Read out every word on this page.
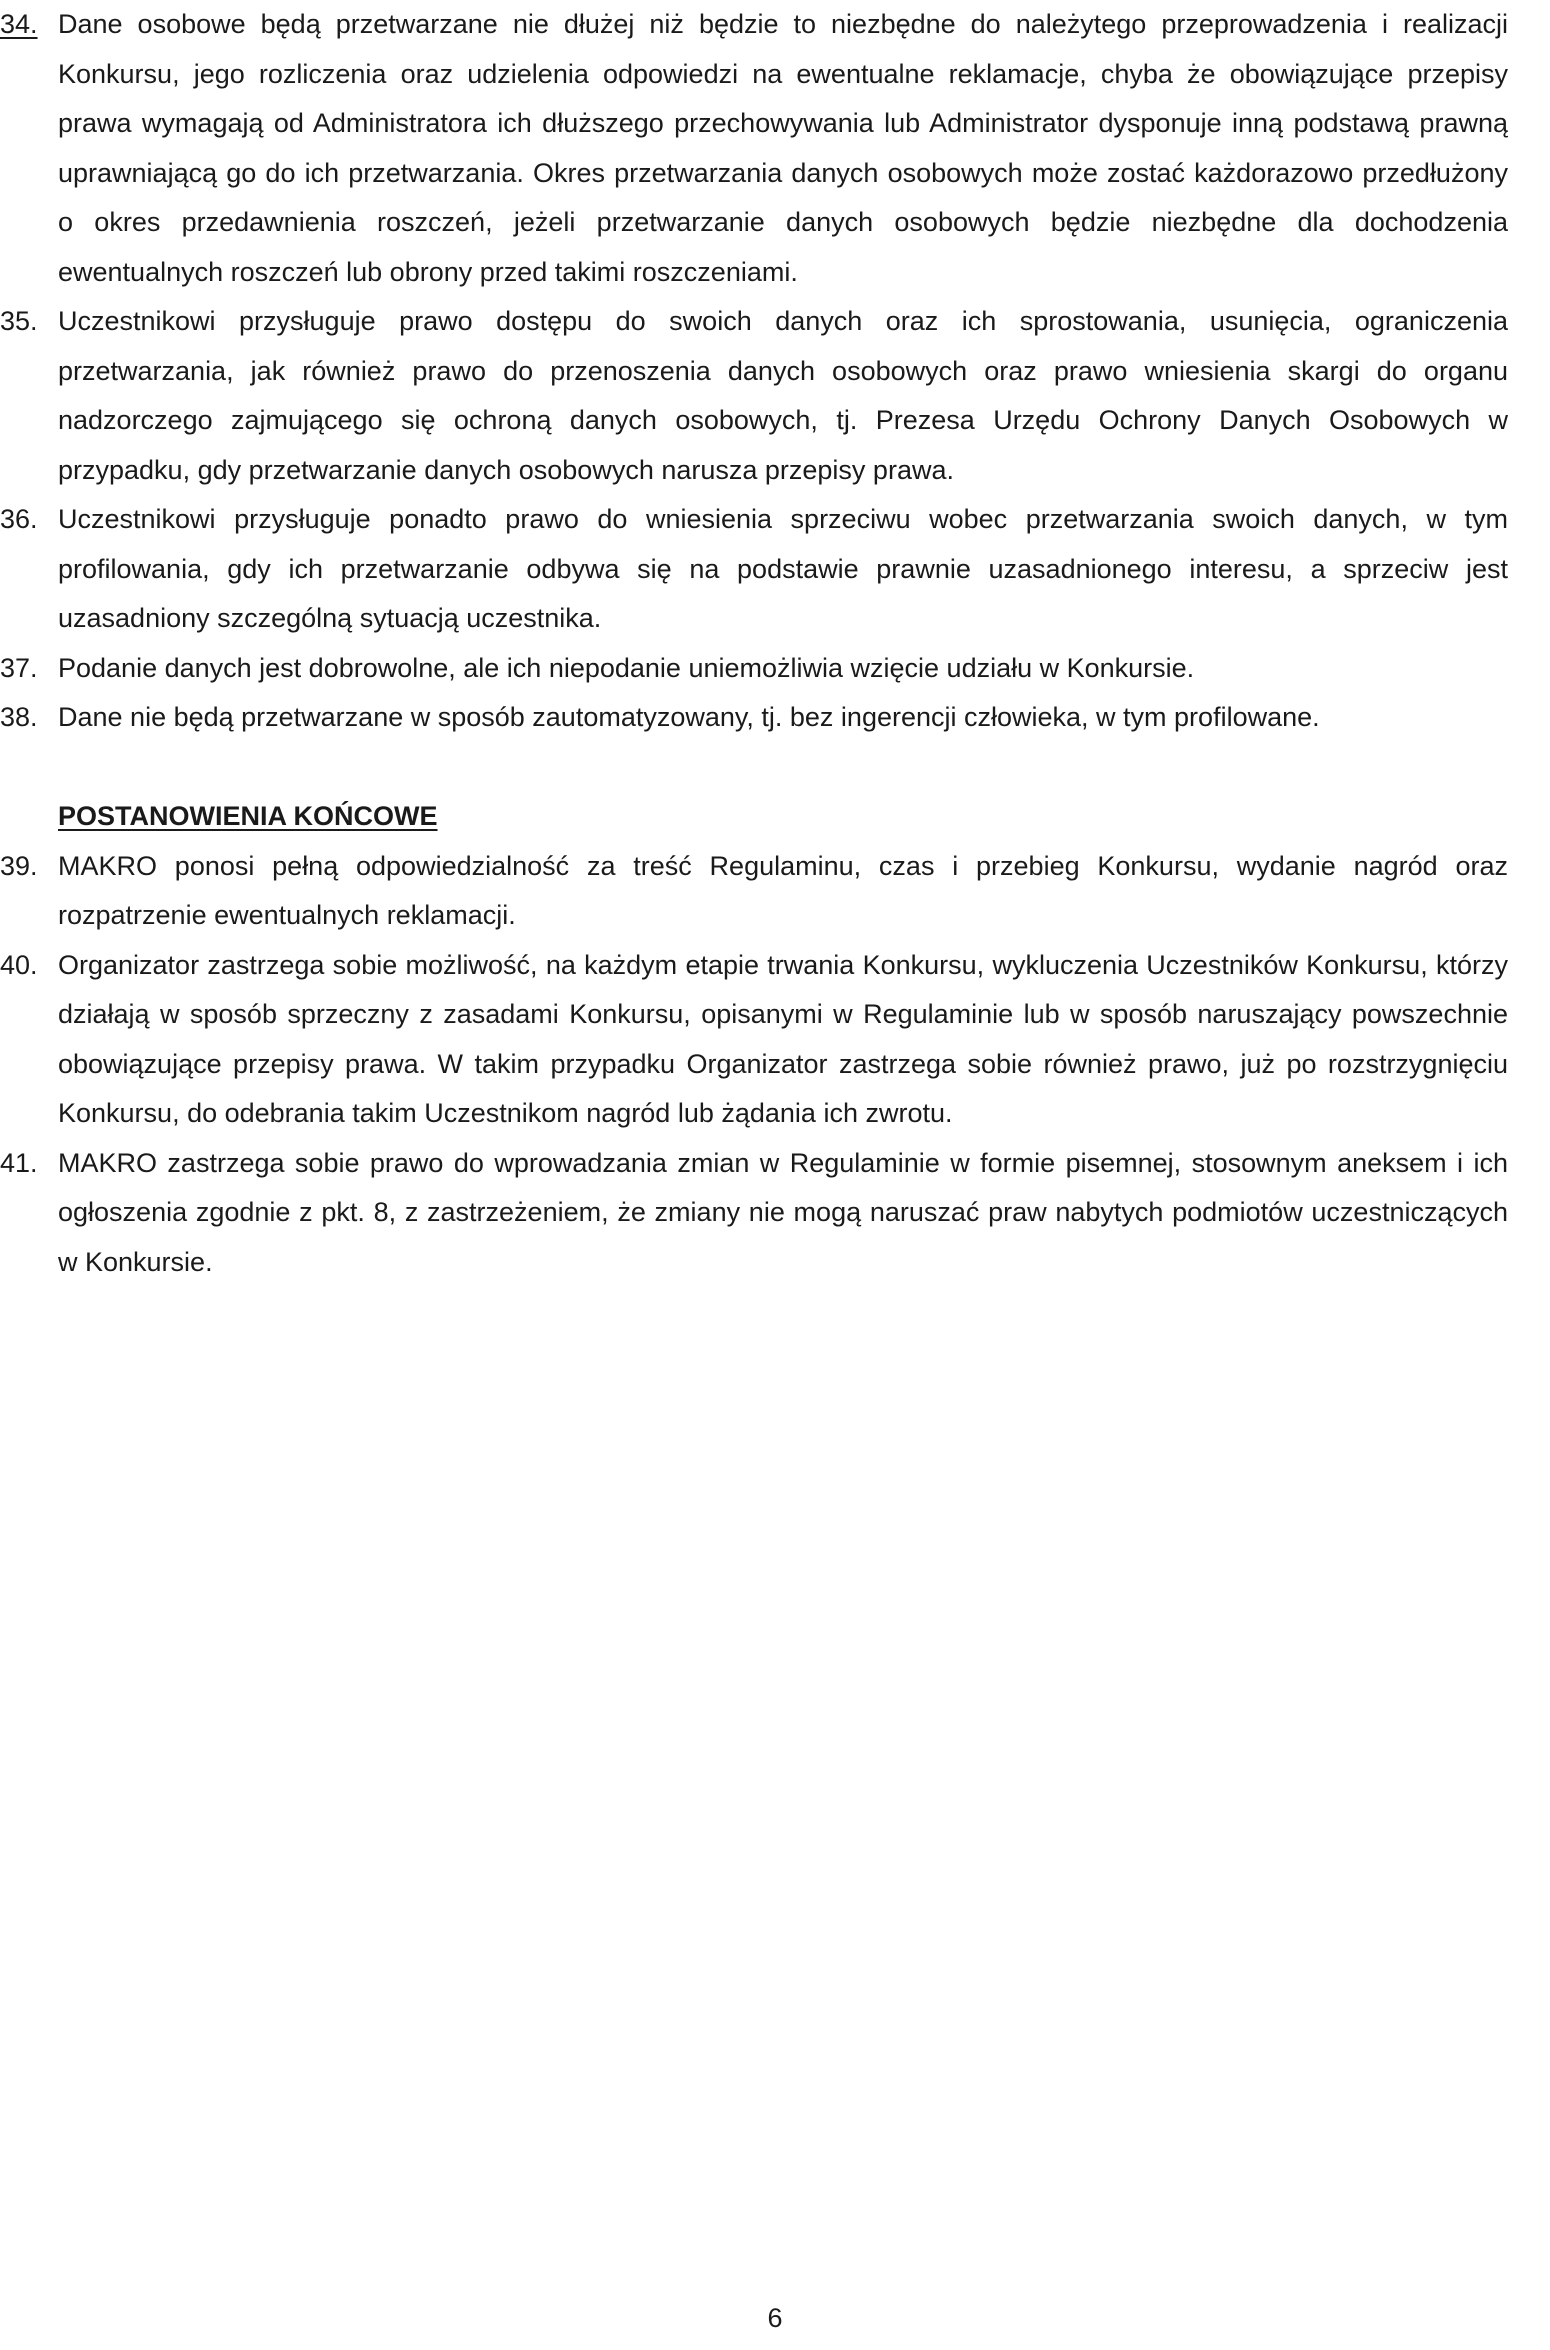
34. Dane osobowe będą przetwarzane nie dłużej niż będzie to niezbędne do należytego przeprowadzenia i realizacji Konkursu, jego rozliczenia oraz udzielenia odpowiedzi na ewentualne reklamacje, chyba że obowiązujące przepisy prawa wymagają od Administratora ich dłuższego przechowywania lub Administrator dysponuje inną podstawą prawną uprawniającą go do ich przetwarzania. Okres przetwarzania danych osobowych może zostać każdorazowo przedłużony o okres przedawnienia roszczeń, jeżeli przetwarzanie danych osobowych będzie niezbędne dla dochodzenia ewentualnych roszczeń lub obrony przed takimi roszczeniami.
35. Uczestnikowi przysługuje prawo dostępu do swoich danych oraz ich sprostowania, usunięcia, ograniczenia przetwarzania, jak również prawo do przenoszenia danych osobowych oraz prawo wniesienia skargi do organu nadzorczego zajmującego się ochroną danych osobowych, tj. Prezesa Urzędu Ochrony Danych Osobowych w przypadku, gdy przetwarzanie danych osobowych narusza przepisy prawa.
36. Uczestnikowi przysługuje ponadto prawo do wniesienia sprzeciwu wobec przetwarzania swoich danych, w tym profilowania, gdy ich przetwarzanie odbywa się na podstawie prawnie uzasadnionego interesu, a sprzeciw jest uzasadniony szczególną sytuacją uczestnika.
37. Podanie danych jest dobrowolne, ale ich niepodanie uniemożliwia wzięcie udziału w Konkursie.
38. Dane nie będą przetwarzane w sposób zautomatyzowany, tj. bez ingerencji człowieka, w tym profilowane.
POSTANOWIENIA KOŃCOWE
39. MAKRO ponosi pełną odpowiedzialność za treść Regulaminu, czas i przebieg Konkursu, wydanie nagród oraz rozpatrzenie ewentualnych reklamacji.
40. Organizator zastrzega sobie możliwość, na każdym etapie trwania Konkursu, wykluczenia Uczestników Konkursu, którzy działają w sposób sprzeczny z zasadami Konkursu, opisanymi w Regulaminie lub w sposób naruszający powszechnie obowiązujące przepisy prawa. W takim przypadku Organizator zastrzega sobie również prawo, już po rozstrzygnięciu Konkursu, do odebrania takim Uczestnikom nagród lub żądania ich zwrotu.
41. MAKRO zastrzega sobie prawo do wprowadzania zmian w Regulaminie w formie pisemnej, stosownym aneksem i ich ogłoszenia zgodnie z pkt. 8, z zastrzeżeniem, że zmiany nie mogą naruszać praw nabytych podmiotów uczestniczących w Konkursie.
6
